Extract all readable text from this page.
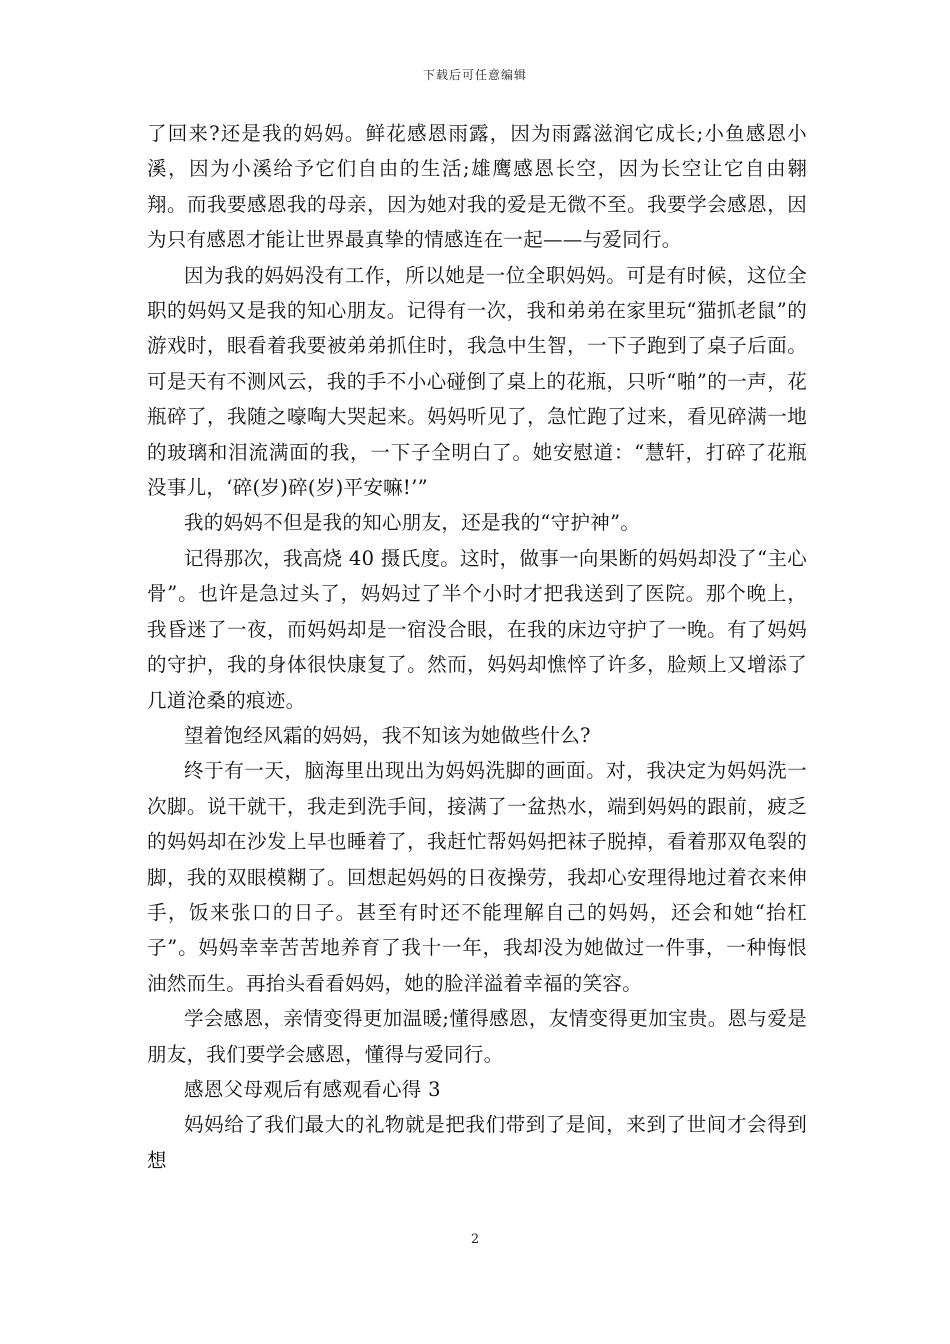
下载后可任意编辑

了回来?还是我的妈妈。鲜花感恩雨露，因为雨露滋润它成长;小鱼感恩小溪，因为小溪给予它们自由的生活;雄鹰感恩长空，因为长空让它自由翱翔。而我要感恩我的母亲，因为她对我的爱是无微不至。我要学会感恩，因为只有感恩才能让世界最真挚的情感连在一起——与爱同行。

因为我的妈妈没有工作，所以她是一位全职妈妈。可是有时候，这位全职的妈妈又是我的知心朋友。记得有一次，我和弟弟在家里玩“猫抓老鼠”的游戏时，眼看着我要被弟弟抓住时，我急中生智，一下子跑到了桌子后面。可是天有不测风云，我的手不小心碰倒了桌上的花瓶，只听“啪”的一声，花瓶碎了，我随之嚎啕大哭起来。妈妈听见了，急忙跑了过来，看见碎满一地的玻璃和泪流满面的我，一下子全明白了。她安慰道：“慧轩，打碎了花瓶没事儿，‘碎(岁)碎(岁)平安嘛!’”

我的妈妈不但是我的知心朋友，还是我的“守护神”。

记得那次，我高烧 40 摄氏度。这时，做事一向果断的妈妈却没了“主心骨”。也许是急过头了，妈妈过了半个小时才把我送到了医院。那个晚上，我昏迷了一夜，而妈妈却是一宿没合眼，在我的床边守护了一晚。有了妈妈的守护，我的身体很快康复了。然而，妈妈却憔悴了许多，脸颊上又增添了几道沧桑的痕迹。

望着饱经风霜的妈妈，我不知该为她做些什么?

终于有一天，脑海里出现出为妈妈洗脚的画面。对，我决定为妈妈洗一次脚。说干就干，我走到洗手间，接满了一盆热水，端到妈妈的跟前，疲乏的妈妈却在沙发上早也睡着了，我赶忙帮妈妈把袜子脱掉，看着那双龟裂的脚，我的双眼模糊了。回想起妈妈的日夜操劳，我却心安理得地过着衣来伸手，饭来张口的日子。甚至有时还不能理解自己的妈妈，还会和她“抬杠子”。妈妈幸幸苦苦地养育了我十一年，我却没为她做过一件事，一种悔恨油然而生。再抬头看看妈妈，她的脸洋溢着幸福的笑容。

学会感恩，亲情变得更加温暖;懂得感恩，友情变得更加宝贵。恩与爱是朋友，我们要学会感恩，懂得与爱同行。

感恩父母观后有感观看心得 3

妈妈给了我们最大的礼物就是把我们带到了是间，来到了世间才会得到想

2
